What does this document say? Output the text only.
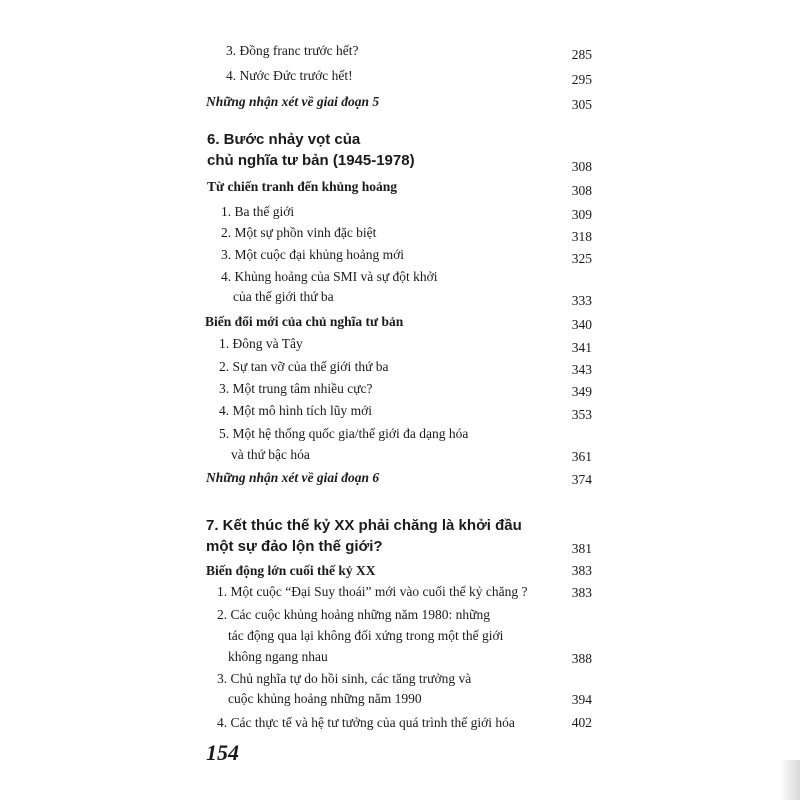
3. Đồng franc trước hết?	285
4. Nước Đức trước hết!	295
Những nhận xét về giai đoạn 5	305
6. Bước nhảy vọt của
chủ nghĩa tư bản (1945-1978)	308
Từ chiến tranh đến khủng hoảng	308
1. Ba thế giới	309
2. Một sự phồn vinh đặc biệt	318
3. Một cuộc đại khủng hoảng mới	325
4. Khủng hoảng của SMI và sự đột khởi
của thế giới thứ ba	333
Biến đổi mới của chủ nghĩa tư bản	340
1. Đông và Tây	341
2. Sự tan vỡ của thế giới thứ ba	343
3. Một trung tâm nhiều cực?	349
4. Một mô hình tích lũy mới	353
5. Một hệ thống quốc gia/thế giới đa dạng hóa
và thứ bậc hóa	361
Những nhận xét về giai đoạn 6	374
7. Kết thúc thế kỷ XX phải chăng là khởi đầu
một sự đảo lộn thế giới?	381
Biến động lớn cuối thế kỷ XX	383
1. Một cuộc “Đại Suy thoái” mới vào cuối thế kỷ chăng ?	383
2. Các cuộc khủng hoảng những năm 1980: những
tác động qua lại không đối xứng trong một thế giới
không ngang nhau	388
3. Chủ nghĩa tự do hồi sinh, các tăng trưởng và
cuộc khủng hoảng những năm 1990	394
4. Các thực tế và hệ tư tưởng của quá trình thế giới hóa	402
154
